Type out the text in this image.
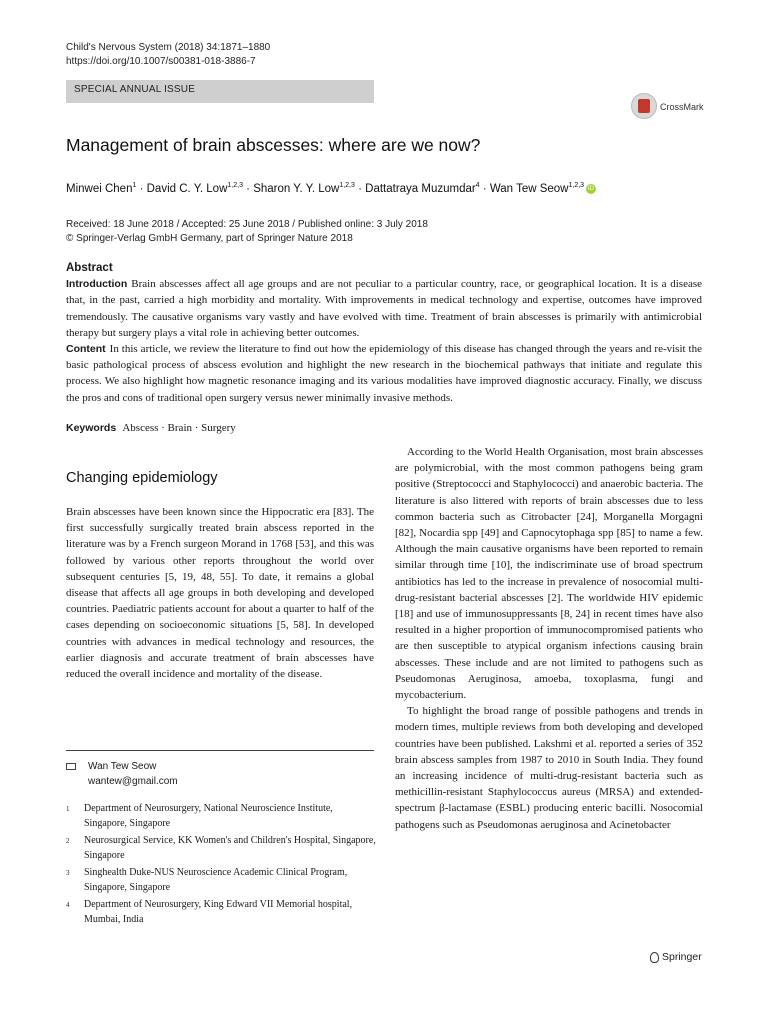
Child's Nervous System (2018) 34:1871–1880
https://doi.org/10.1007/s00381-018-3886-7
SPECIAL ANNUAL ISSUE
CrossMark
Management of brain abscesses: where are we now?
Minwei Chen$^1$ · David C. Y. Low$^{1,2,3}$ · Sharon Y. Y. Low$^{1,2,3}$ · Dattatraya Muzumdar$^4$ · Wan Tew Seow$^{1,2,3}$ iD
Received: 18 June 2018 / Accepted: 25 June 2018 / Published online: 3 July 2018
© Springer-Verlag GmbH Germany, part of Springer Nature 2018
Abstract

Introduction Brain abscesses affect all age groups and are not peculiar to a particular country, race, or geographical location. It is a disease that, in the past, carried a high morbidity and mortality. With improvements in medical technology and expertise, outcomes have improved tremendously. The causative organisms vary vastly and have evolved with time. Treatment of brain abscesses is primarily with antimicrobial therapy but surgery plays a vital role in achieving better outcomes.

Content In this article, we review the literature to find out how the epidemiology of this disease has changed through the years and re-visit the basic pathological process of abscess evolution and highlight the new research in the biochemical pathways that initiate and regulate this process. We also highlight how magnetic resonance imaging and its various modalities have improved diagnostic accuracy. Finally, we discuss the pros and cons of traditional open surgery versus newer minimally invasive methods.

Keywords Abscess · Brain · Surgery
Changing epidemiology

Brain abscesses have been known since the Hippocratic era [83]. The first successfully surgically treated brain abscess reported in the literature was by a French surgeon Morand in 1768 [53], and this was followed by various other reports throughout the world over subsequent centuries [5, 19, 48, 55]. To date, it remains a global disease that affects all age groups in both developing and developed countries. Paediatric patients account for about a quarter to half of the cases depending on socioeconomic situations [5, 58]. In developed countries with advances in medical technology and resources, the earlier diagnosis and accurate treatment of brain abscesses have reduced the overall incidence and mortality of the disease.

According to the World Health Organisation, most brain abscesses are polymicrobial, with the most common pathogens being gram positive (Streptococci and Staphylococci) and anaerobic bacteria. The literature is also littered with reports of brain abscesses due to less common bacteria such as Citrobacter [24], Morganella Morgagni [82], Nocardia spp [49] and Capnocytophaga spp [85] to name a few. Although the main causative organisms have been reported to remain similar through time [10], the indiscriminate use of broad spectrum antibiotics has led to the increase in prevalence of nosocomial multi-drug-resistant bacterial abscesses [2]. The worldwide HIV epidemic [18] and use of immunosuppressants [8, 24] in recent times have also resulted in a higher proportion of immunocompromised patients who are then susceptible to atypical organism infections causing brain abscesses. These include and are not limited to pathogens such as Pseudomonas Aeruginosa, amoeba, toxoplasma, fungi and mycobacterium.

To highlight the broad range of possible pathogens and trends in modern times, multiple reviews from both developing and developed countries have been published. Lakshmi et al. reported a series of 352 brain abscess samples from 1987 to 2010 in South India. They found an increasing incidence of multi-drug-resistant bacteria such as methicillin-resistant Staphylococcus aureus (MRSA) and extended-spectrum β-lactamase (ESBL) producing enteric bacilli. Nosocomial pathogens such as Pseudomonas aeruginosa and Acinetobacter

Wan Tew Seow
wantew@gmail.com
1 Department of Neurosurgery, National Neuroscience Institute, Singapore, Singapore
2 Neurosurgical Service, KK Women's and Children's Hospital, Singapore, Singapore
3 Singhealth Duke-NUS Neuroscience Academic Clinical Program, Singapore, Singapore
4 Department of Neurosurgery, King Edward VII Memorial hospital, Mumbai, India
Springer
